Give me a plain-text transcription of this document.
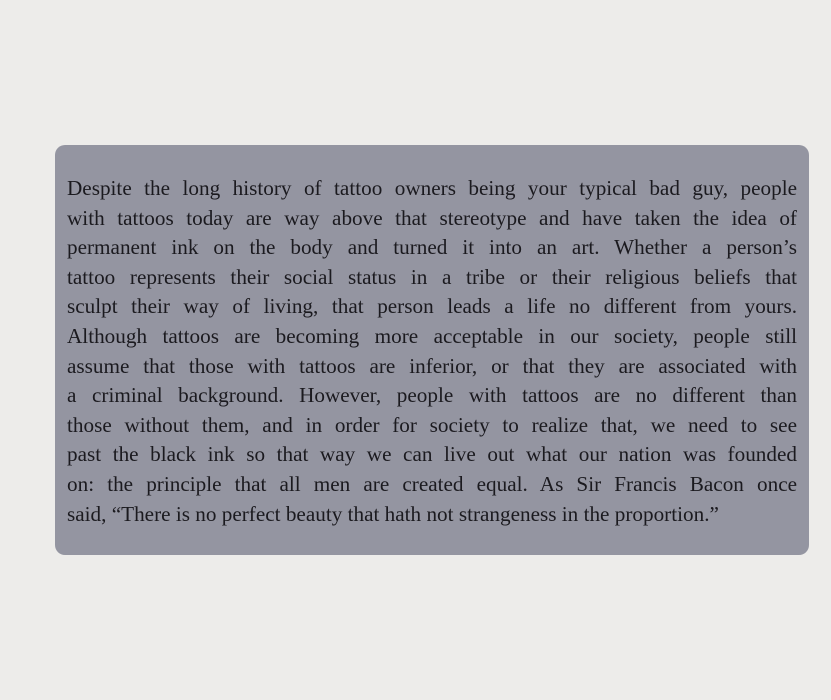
Despite the long history of tattoo owners being your typical bad guy, people
with tattoos today are way above that stereotype and have taken the idea of
permanent ink on the body and turned it into an art. Whether a person’s
tattoo represents their social status in a tribe or their religious beliefs that
sculpt their way of living, that person leads a life no different from yours.
Although tattoos are becoming more acceptable in our society, people still
assume that those with tattoos are inferior, or that they are associated with
a criminal background. However, people with tattoos are no different than
those without them, and in order for society to realize that, we need to see
past the black ink so that way we can live out what our nation was founded
on: the principle that all men are created equal. As Sir Francis Bacon once
said, “There is no perfect beauty that hath not strangeness in the proportion.”
